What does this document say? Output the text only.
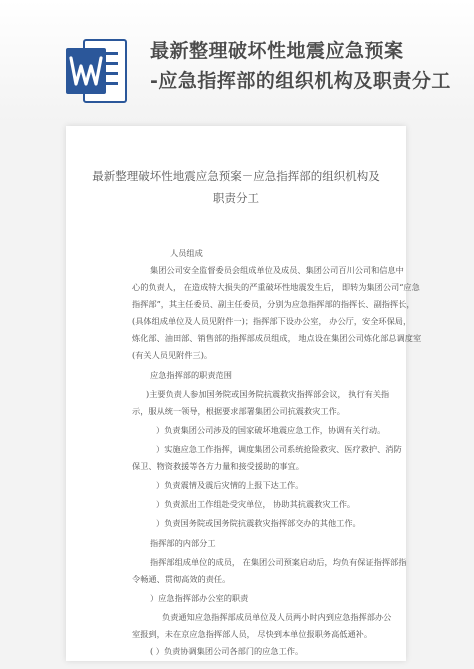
最新整理破坏性地震应急预案
-应急指挥部的组织机构及职责分工
最新整理破坏性地震应急预案－应急指挥部的组织机构及
职责分工
人员组成
集团公司安全监督委员会组成单位及成员、集团公司百川公司和信息中
心的负责人， 在造成特大损失的严重破坏性地震发生后， 即转为集团公司“应急
指挥部”，其主任委员、副主任委员，分别为应急指挥部的指挥长、副指挥长，
(具体组成单位及人员见附件一)；指挥部下设办公室， 办公厅，安全环保局，
炼化部、油田部、销售部的指挥部成员组成， 地点设在集团公司炼化部总调度室
(有关人员见附件三)。
应急指挥部的职责范围
)主要负责人参加国务院或国务院抗震救灾指挥部会议， 执行有关指
示，服从统一领导，根据要求部署集团公司抗震救灾工作。
）负责集团公司涉及的国家破坏地震应急工作，协调有关行动。
）实施应急工作指挥，调度集团公司系统抢险救灾、医疗救护、消防
保卫、物资救援等各方力量和接受援助的事宜。
）负责震情及震后灾情的上报下达工作。
）负责派出工作组赴受灾单位， 协助其抗震救灾工作。
）负责国务院或国务院抗震救灾指挥部交办的其他工作。
指挥部的内部分工
指挥部组成单位的成员， 在集团公司预案启动后，均负有保证指挥部指
令畅通、贯彻高效的责任。
）应急指挥部办公室的职责
负责通知应急指挥部成员单位及人员两小时内到应急指挥部办公
室报到，未在京应急指挥部人员， 尽快到本单位报职务高低通补。
( ）负责协调集团公司各部门的应急工作。
